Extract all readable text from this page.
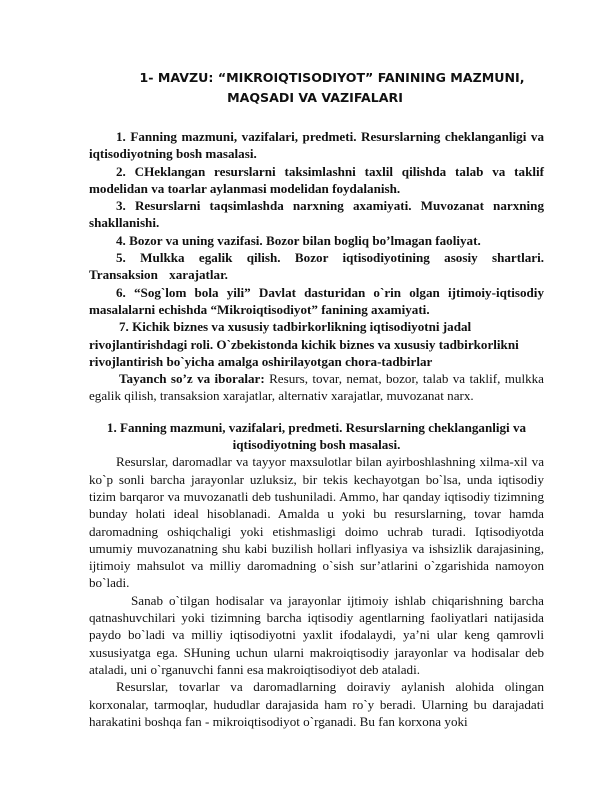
1- MAVZU: “MIKROIQTISODIYOT” FANINING MAZMUNI,
MAQSADI VA VAZIFALARI

1. Fanning mazmuni, vazifalari, predmeti. Resurslarning cheklanganligi va iqtisodiyotning bosh masalasi.

2. CHeklangan resurslarni taksimlashni taxlil qilishda talab va taklif modelidan va toarlar aylanmasi modelidan foydalanish.

3. Resurslarni taqsimlashda narxning axamiyati. Muvozanat narxning shakllanishi.

4. Bozor va uning vazifasi. Bozor bilan bogliq bo’lmagan faoliyat.

5. Mulkka egalik qilish. Bozor iqtisodiyotining asosiy shartlari. Transaksion xarajatlar.

6. “Sog`lom bola yili” Davlat dasturidan o`rin olgan ijtimoiy-iqtisodiy masalalarni echishda “Mikroiqtisodiyot” fanining axamiyati.

7. Kichik biznes va xususiy tadbirkorlikning iqtisodiyotni jadal rivojlantirishdagi roli. O`zbekistonda kichik biznes va xususiy tadbirkorlikni rivojlantirish bo`yicha amalga oshirilayotgan chora-tadbirlar

Tayanch so’z va iboralar: Resurs, tovar, nemat, bozor, talab va taklif, mulkka egalik qilish, transaksion xarajatlar, alternativ xarajatlar, muvozanat narx.

1. Fanning mazmuni, vazifalari, predmeti. Resurslarning cheklanganligi va
iqtisodiyotning bosh masalasi.

Resurslar, daromadlar va tayyor maxsulotlar bilan ayirboshlashning xilma-xil va ko`p sonli barcha jarayonlar uzluksiz, bir tekis kechayotgan bo`lsa, unda iqtisodiy tizim barqaror va muvozanatli deb tushuniladi. Ammo, har qanday iqtisodiy tizimning bunday holati ideal hisoblanadi. Amalda u yoki bu resurslarning, tovar hamda daromadning oshiqchaligi yoki etishmasligi doimo uchrab turadi. Iqtisodiyotda umumiy muvozanatning shu kabi buzilish hollari inflyasiya va ishsizlik darajasining, ijtimoiy mahsulot va milliy daromadning o`sish sur’atlarini o`zgarishida namoyon bo`ladi.

Sanab o`tilgan hodisalar va jarayonlar ijtimoiy ishlab chiqarishning barcha qatnashuvchilari yoki tizimning barcha iqtisodiy agentlarning faoliyatlari natijasida paydo bo`ladi va milliy iqtisodiyotni yaxlit ifodalaydi, ya’ni ular keng qamrovli xususiyatga ega. SHuning uchun ularni makroiqtisodiy jarayonlar va hodisalar deb ataladi, uni o`rganuvchi fanni esa makroiqtisodiyot deb ataladi.

Resurslar, tovarlar va daromadlarning doiraviy aylanish alohida olingan korxonalar, tarmoqlar, hududlar darajasida ham ro`y beradi. Ularning bu darajadati harakatini boshqa fan - mikroiqtisodiyot o`rganadi. Bu fan korxona yoki
